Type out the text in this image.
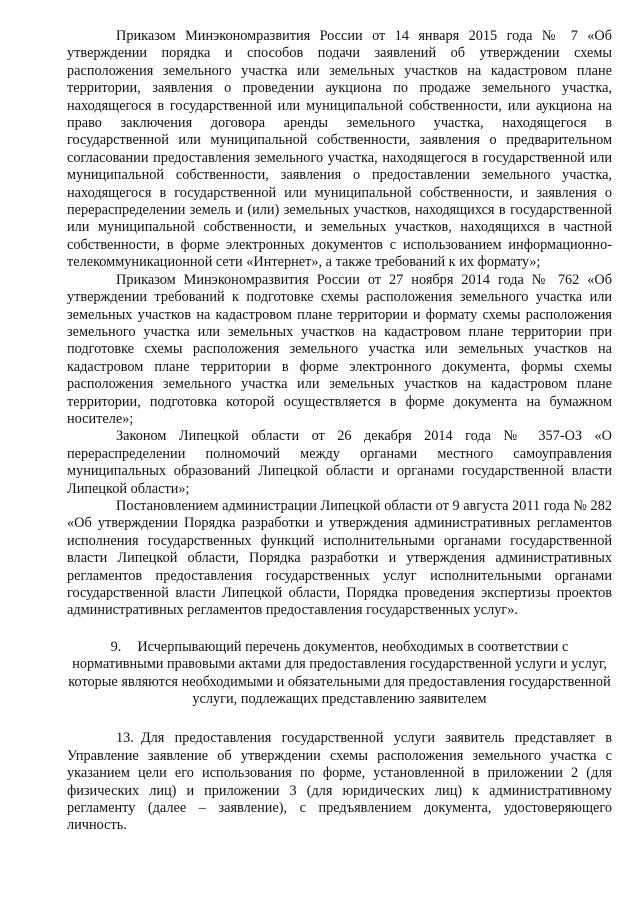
Приказом Минэкономразвития России от 14 января 2015 года № 7 «Об утверждении порядка и способов подачи заявлений об утверждении схемы расположения земельного участка или земельных участков на кадастровом плане территории, заявления о проведении аукциона по продаже земельного участка, находящегося в государственной или муниципальной собственности, или аукциона на право заключения договора аренды земельного участка, находящегося в государственной или муниципальной собственности, заявления о предварительном согласовании предоставления земельного участка, находящегося в государственной или муниципальной собственности, заявления о предоставлении земельного участка, находящегося в государственной или муниципальной собственности, и заявления о перераспределении земель и (или) земельных участков, находящихся в государственной или муниципальной собственности, и земельных участков, находящихся в частной собственности, в форме электронных документов с использованием информационно-телекоммуникационной сети «Интернет», а также требований к их формату»;

Приказом Минэкономразвития России от 27 ноября 2014 года № 762 «Об утверждении требований к подготовке схемы расположения земельного участка или земельных участков на кадастровом плане территории и формату схемы расположения земельного участка или земельных участков на кадастровом плане территории при подготовке схемы расположения земельного участка или земельных участков на кадастровом плане территории в форме электронного документа, формы схемы расположения земельного участка или земельных участков на кадастровом плане территории, подготовка которой осуществляется в форме документа на бумажном носителе»;

Законом Липецкой области от 26 декабря 2014 года № 357-ОЗ «О перераспределении полномочий между органами местного самоуправления муниципальных образований Липецкой области и органами государственной власти Липецкой области»;

Постановлением администрации Липецкой области от 9 августа 2011 года № 282 «Об утверждении Порядка разработки и утверждения административных регламентов исполнения государственных функций исполнительными органами государственной власти Липецкой области, Порядка разработки и утверждения административных регламентов предоставления государственных услуг исполнительными органами государственной власти Липецкой области, Порядка проведения экспертизы проектов административных регламентов предоставления государственных услуг».

9. Исчерпывающий перечень документов, необходимых в соответствии с нормативными правовыми актами для предоставления государственной услуги и услуг, которые являются необходимыми и обязательными для предоставления государственной услуги, подлежащих представлению заявителем

13. Для предоставления государственной услуги заявитель представляет в Управление заявление об утверждении схемы расположения земельного участка с указанием цели его использования по форме, установленной в приложении 2 (для физических лиц) и приложении 3 (для юридических лиц) к административному регламенту (далее – заявление), с предъявлением документа, удостоверяющего личность.
